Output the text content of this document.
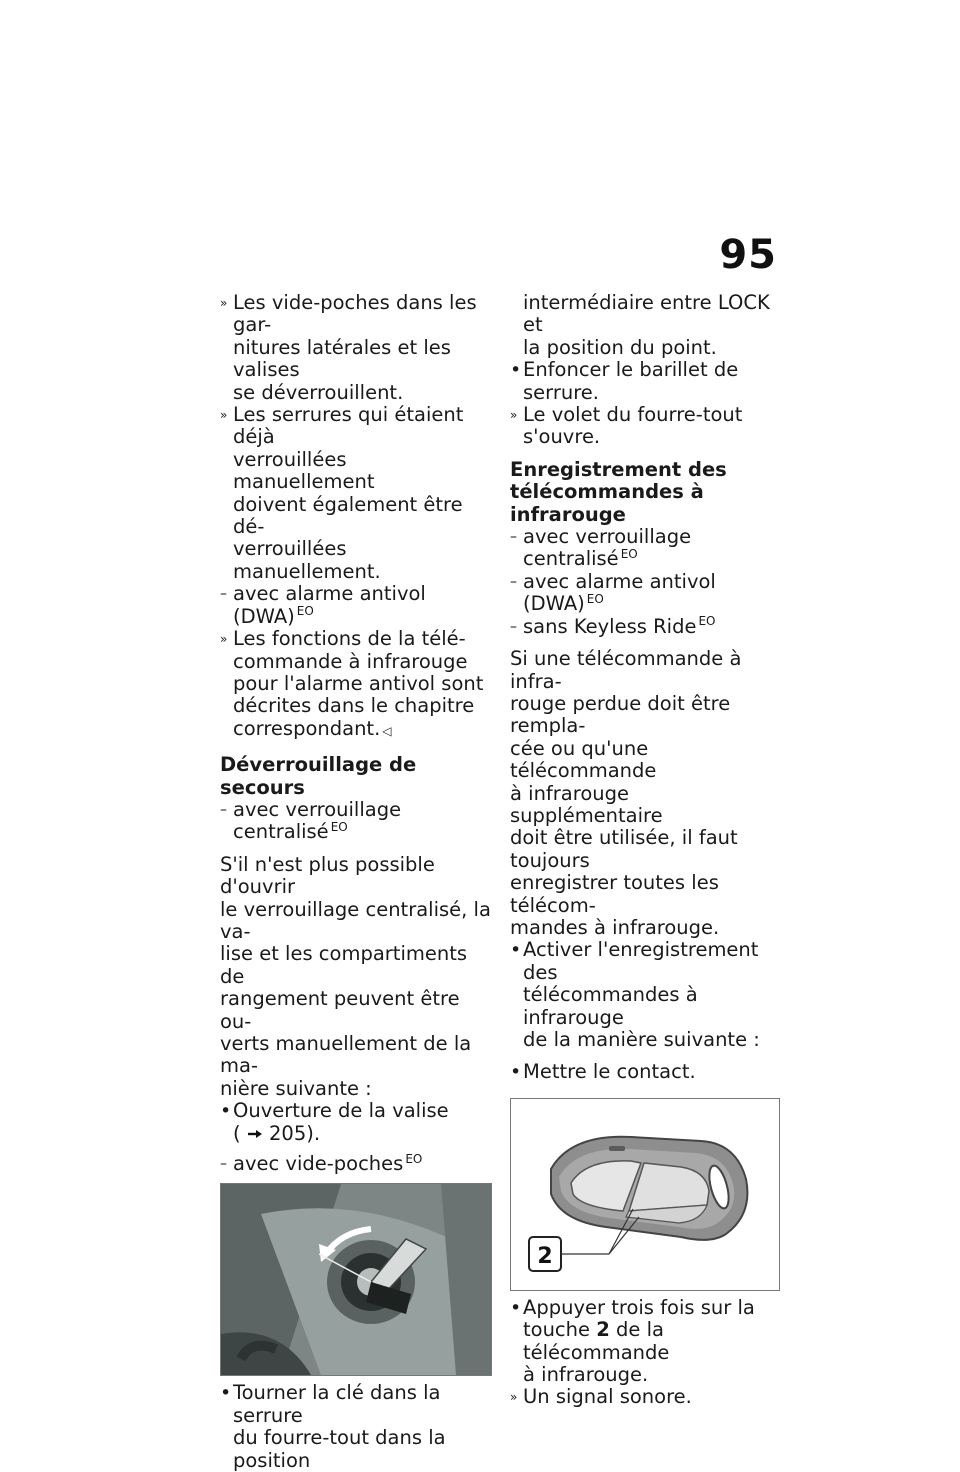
95
» Les vide-poches dans les gar-
nitures latérales et les valises
se déverrouillent.
» Les serrures qui étaient déjà
verrouillées manuellement
doivent également être dé-
verrouillées manuellement.
– avec alarme antivol (DWA) $^{EO}$
» Les fonctions de la télé-
commande à infrarouge
pour l'alarme antivol sont
décrites dans le chapitre
correspondant. ◁
Déverrouillage de secours
– avec verrouillage centralisé $^{EO}$
S'il n'est plus possible d'ouvrir
le verrouillage centralisé, la va-
lise et les compartiments de
rangement peuvent être ou-
verts manuellement de la ma-
nière suivante :
• Ouverture de la valise
( 205).
– avec vide-poches $^{EO}$
• Tourner la clé dans la serrure
du fourre-tout dans la position
intermédiaire entre LOCK et
la position du point.
• Enfoncer le barillet de serrure.
» Le volet du fourre-tout
s'ouvre.
Enregistrement des
télécommandes à infrarouge
– avec verrouillage centralisé $^{EO}$
– avec alarme antivol (DWA) $^{EO}$
– sans Keyless Ride $^{EO}$
Si une télécommande à infra-
rouge perdue doit être rempla-
cée ou qu'une télécommande
à infrarouge supplémentaire
doit être utilisée, il faut toujours
enregistrer toutes les télécom-
mandes à infrarouge.
• Activer l'enregistrement des
télécommandes à infrarouge
de la manière suivante :
• Mettre le contact.
2
• Appuyer trois fois sur la
touche 2 de la télécommande
à infrarouge.
» Un signal sonore.
